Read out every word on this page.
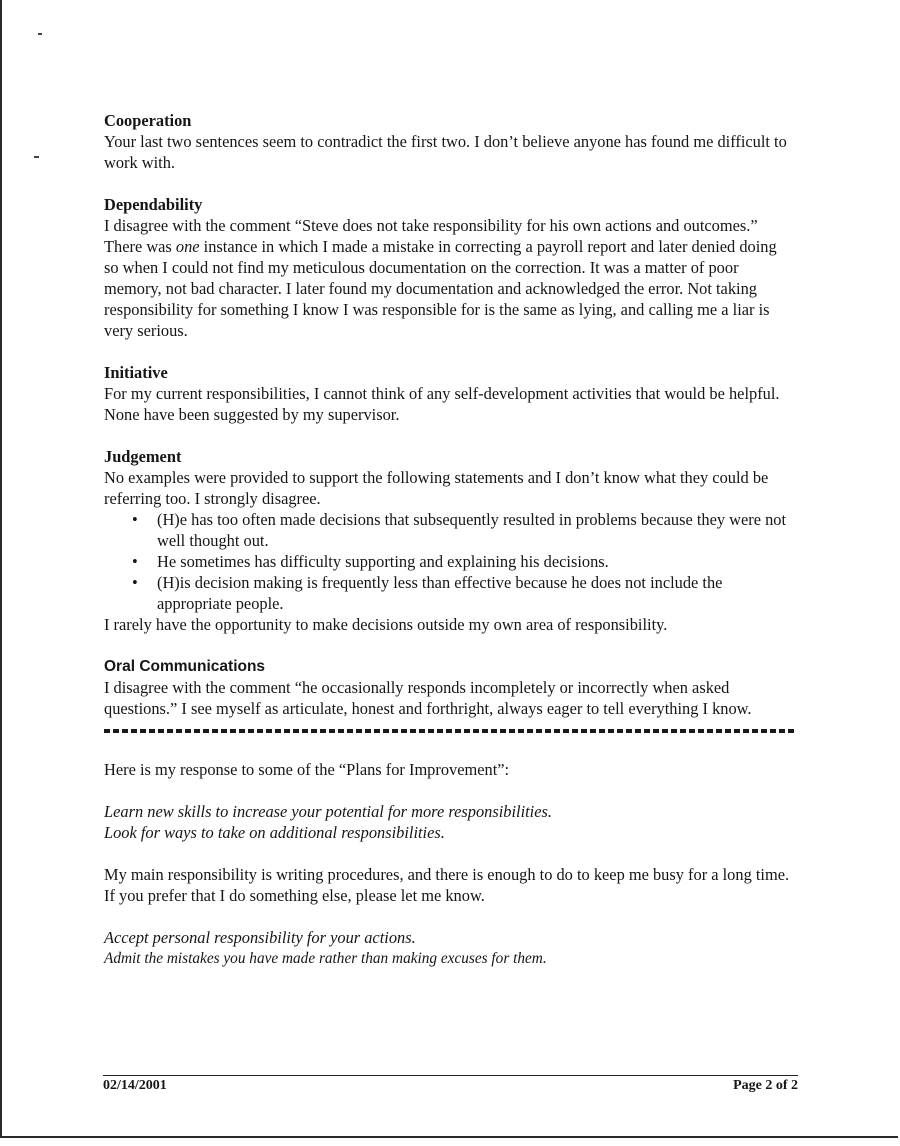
Cooperation

Your last two sentences seem to contradict the first two. I don’t believe anyone has found me difficult to work with.

Dependability

I disagree with the comment “Steve does not take responsibility for his own actions and outcomes.” There was one instance in which I made a mistake in correcting a payroll report and later denied doing so when I could not find my meticulous documentation on the correction. It was a matter of poor memory, not bad character. I later found my documentation and acknowledged the error. Not taking responsibility for something I know I was responsible for is the same as lying, and calling me a liar is very serious.

Initiative

For my current responsibilities, I cannot think of any self-development activities that would be helpful. None have been suggested by my supervisor.

Judgement

No examples were provided to support the following statements and I don’t know what they could be referring too. I strongly disagree.

• (H)e has too often made decisions that subsequently resulted in problems because they were not well thought out.
• He sometimes has difficulty supporting and explaining his decisions.
• (H)is decision making is frequently less than effective because he does not include the appropriate people.

I rarely have the opportunity to make decisions outside my own area of responsibility.

Oral Communications

I disagree with the comment “he occasionally responds incompletely or incorrectly when asked questions.” I see myself as articulate, honest and forthright, always eager to tell everything I know.

Here is my response to some of the “Plans for Improvement”:

Learn new skills to increase your potential for more responsibilities.

Look for ways to take on additional responsibilities.

My main responsibility is writing procedures, and there is enough to do to keep me busy for a long time. If you prefer that I do something else, please let me know.

Accept personal responsibility for your actions.

Admit the mistakes you have made rather than making excuses for them.

02/14/2001	Page 2 of 2
